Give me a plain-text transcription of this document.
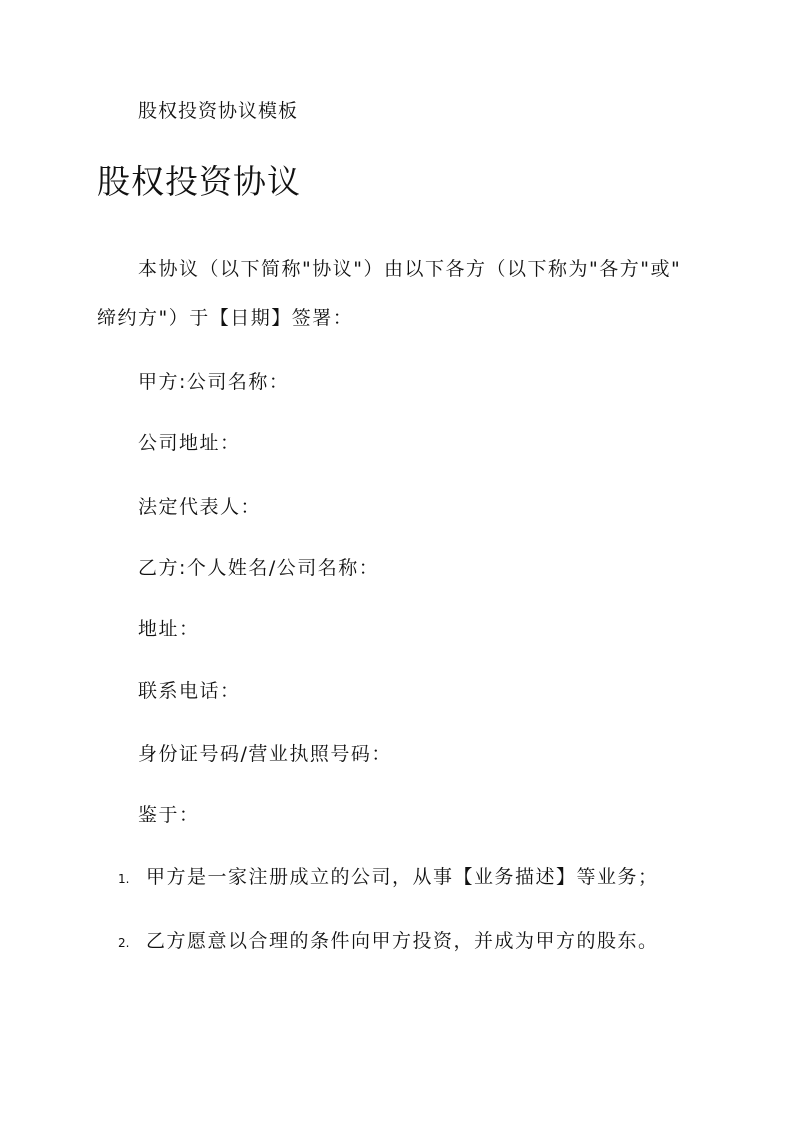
股权投资协议模板
股权投资协议
本协议（以下简称"协议"）由以下各方（以下称为"各方"或"
缔约方"）于【日期】签署：
甲方:公司名称：
公司地址：
法定代表人：
乙方:个人姓名/公司名称：
地址：
联系电话：
身份证号码/营业执照号码：
鉴于：
1. 甲方是一家注册成立的公司，从事【业务描述】等业务；
2. 乙方愿意以合理的条件向甲方投资，并成为甲方的股东。
